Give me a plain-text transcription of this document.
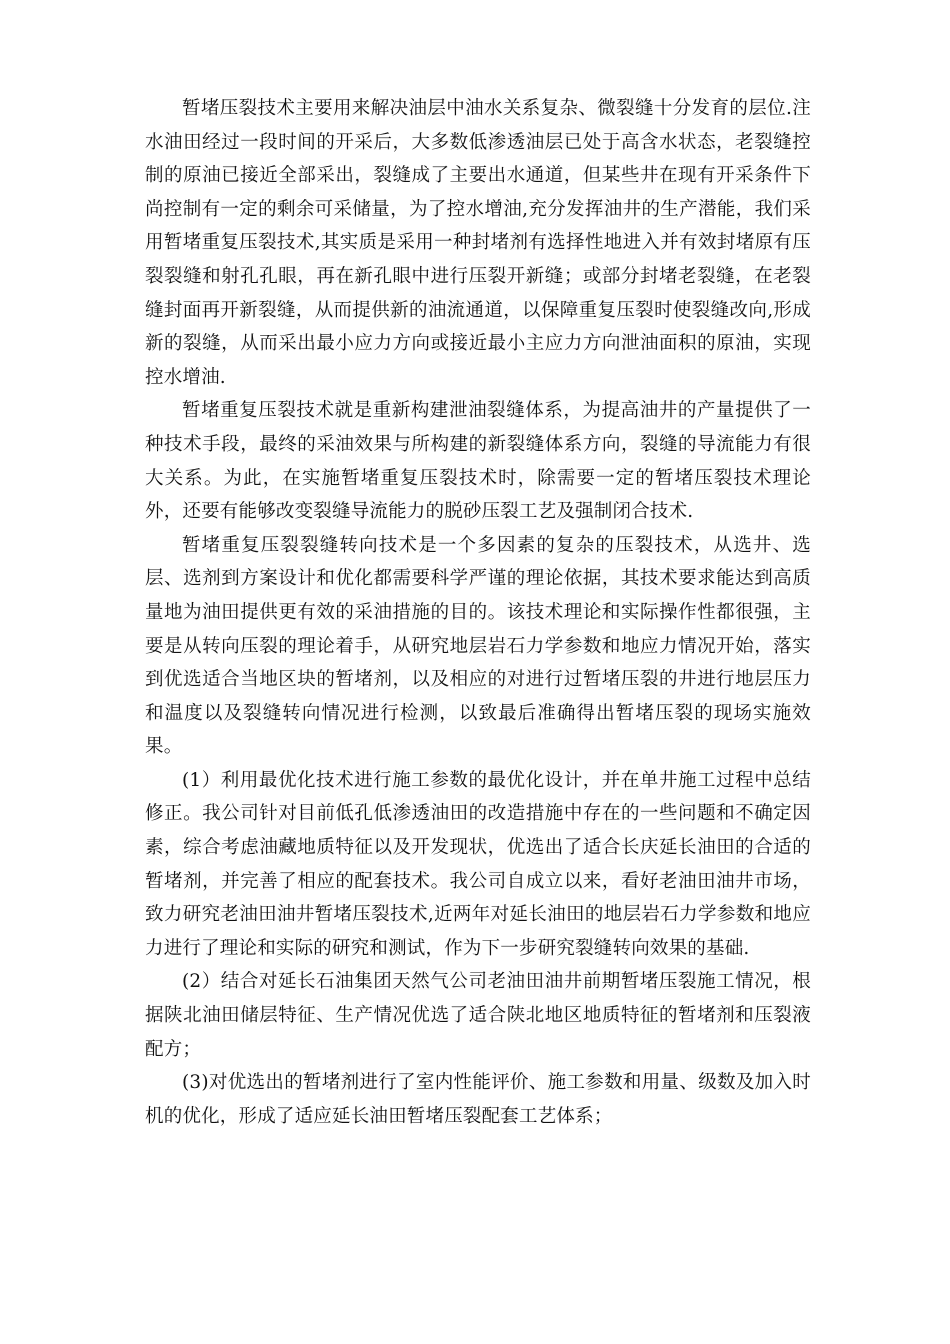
暂堵压裂技术主要用来解决油层中油水关系复杂、微裂缝十分发育的层位.注水油田经过一段时间的开采后，大多数低渗透油层已处于高含水状态，老裂缝控制的原油已接近全部采出，裂缝成了主要出水通道，但某些井在现有开采条件下尚控制有一定的剩余可采储量，为了控水增油,充分发挥油井的生产潜能，我们采用暂堵重复压裂技术,其实质是采用一种封堵剂有选择性地进入并有效封堵原有压裂裂缝和射孔孔眼，再在新孔眼中进行压裂开新缝；或部分封堵老裂缝，在老裂缝封面再开新裂缝，从而提供新的油流通道，以保障重复压裂时使裂缝改向,形成新的裂缝，从而采出最小应力方向或接近最小主应力方向泄油面积的原油，实现控水增油.

暂堵重复压裂技术就是重新构建泄油裂缝体系，为提高油井的产量提供了一种技术手段，最终的采油效果与所构建的新裂缝体系方向，裂缝的导流能力有很大关系。为此，在实施暂堵重复压裂技术时，除需要一定的暂堵压裂技术理论外，还要有能够改变裂缝导流能力的脱砂压裂工艺及强制闭合技术.

暂堵重复压裂裂缝转向技术是一个多因素的复杂的压裂技术，从选井、选层、选剂到方案设计和优化都需要科学严谨的理论依据，其技术要求能达到高质量地为油田提供更有效的采油措施的目的。该技术理论和实际操作性都很强，主要是从转向压裂的理论着手，从研究地层岩石力学参数和地应力情况开始，落实到优选适合当地区块的暂堵剂，以及相应的对进行过暂堵压裂的井进行地层压力和温度以及裂缝转向情况进行检测，以致最后准确得出暂堵压裂的现场实施效果。

(1）利用最优化技术进行施工参数的最优化设计，并在单井施工过程中总结修正。我公司针对目前低孔低渗透油田的改造措施中存在的一些问题和不确定因素，综合考虑油藏地质特征以及开发现状，优选出了适合长庆延长油田的合适的暂堵剂，并完善了相应的配套技术。我公司自成立以来，看好老油田油井市场，致力研究老油田油井暂堵压裂技术,近两年对延长油田的地层岩石力学参数和地应力进行了理论和实际的研究和测试，作为下一步研究裂缝转向效果的基础.

(2）结合对延长石油集团天然气公司老油田油井前期暂堵压裂施工情况，根据陕北油田储层特征、生产情况优选了适合陕北地区地质特征的暂堵剂和压裂液配方；

(3)对优选出的暂堵剂进行了室内性能评价、施工参数和用量、级数及加入时机的优化，形成了适应延长油田暂堵压裂配套工艺体系；
